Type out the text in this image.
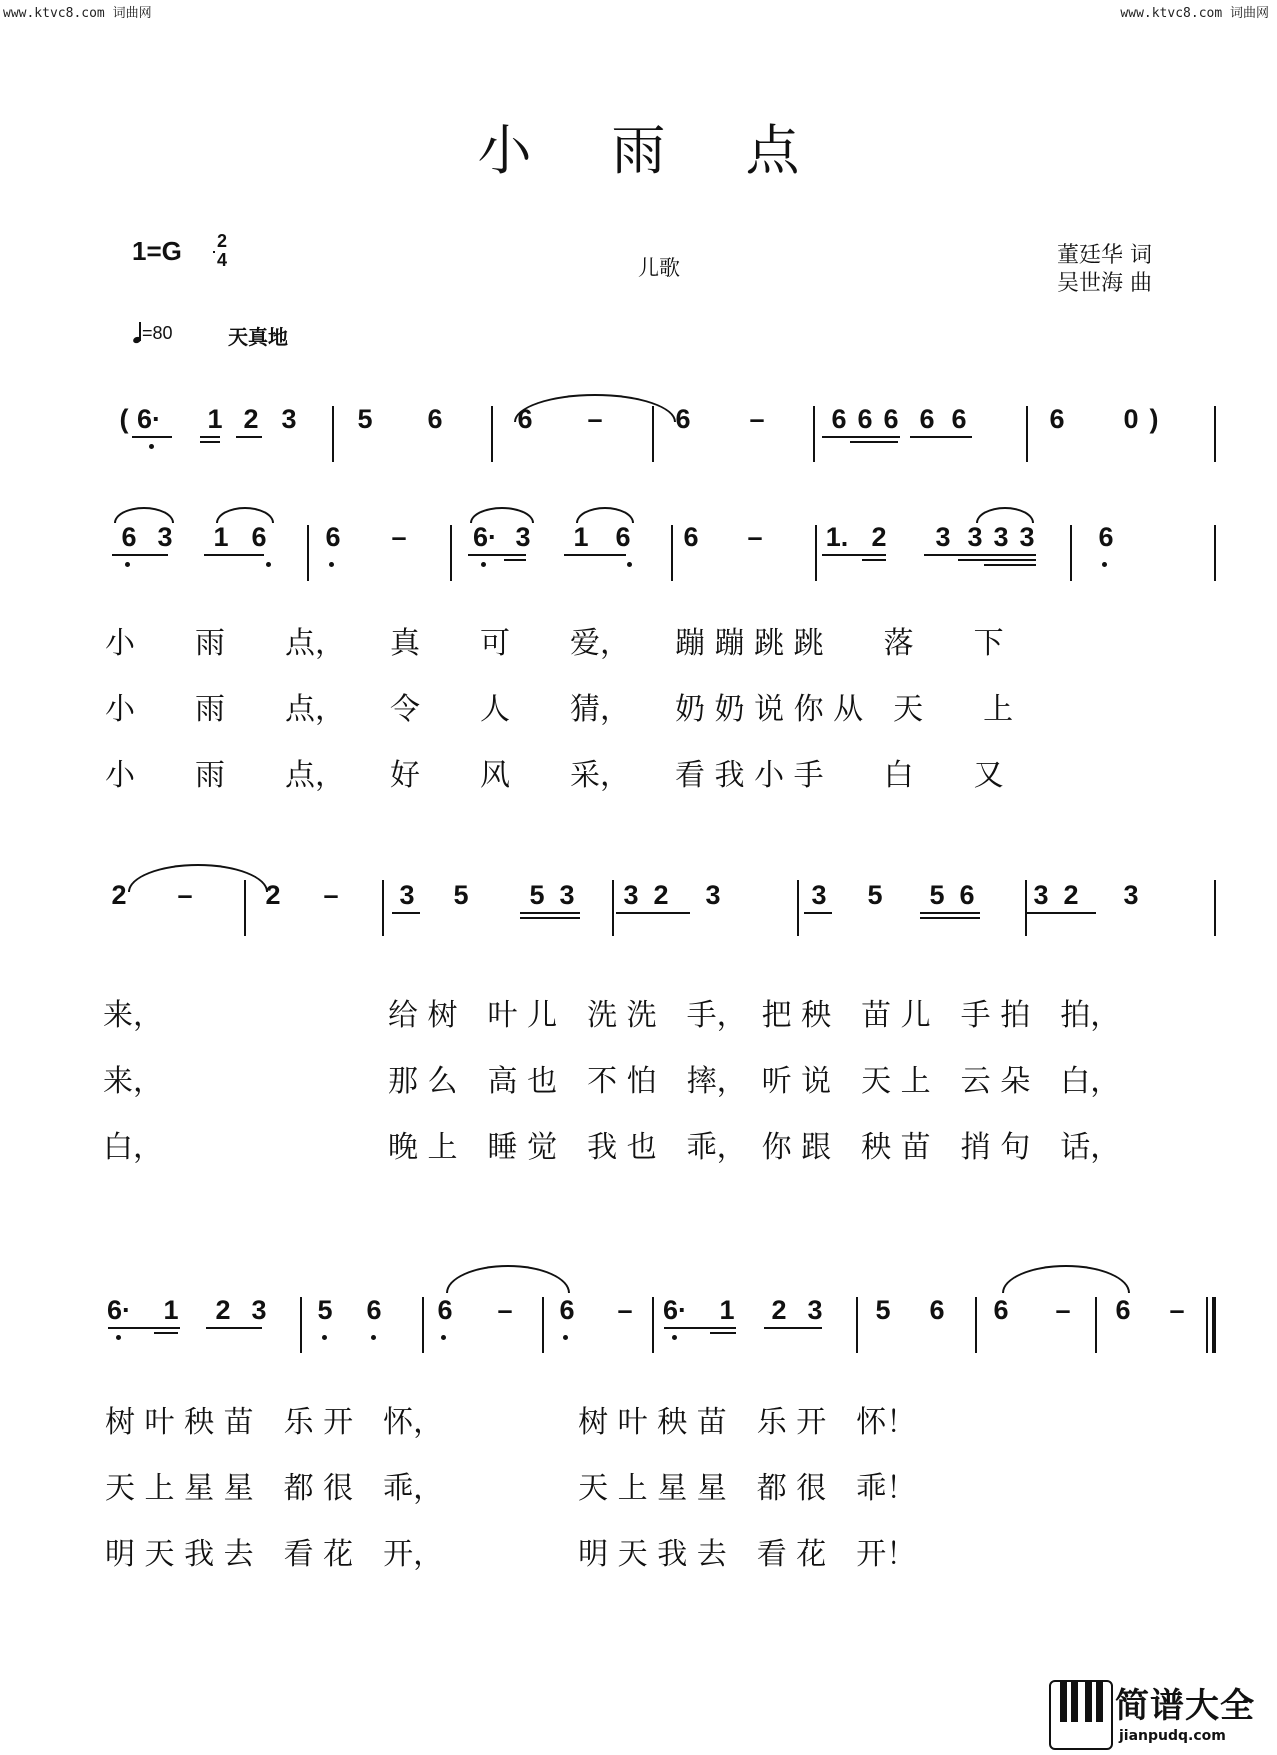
www.ktvc8.com 词曲网	www.ktvc8.com 词曲网
小雨点
1=G 2
4	儿歌	董廷华 词
吴世海 曲
=80	天真地
( 6· 1 2 3 5 6	6 –	6 – 6 6 6 6 6	6 0 )
6 3 1 6 6 – 6· 3 1 6 6 – 1. 2 3 3 3 3 6
2 –	2 – 3 5 5 3 3 2 3	3 5 5 6 3 2 3
6· 1 2 3 5 6 6 – 6 – 6· 1 2 3 5 6 6 – 6 –
小　　雨　　点，　　真　　可　　爱，　　蹦 蹦 跳 跳　　落　　下
小　　雨　　点，　　令　　人　　猜，　　奶 奶 说 你 从　天　　上
小　　雨　　点，　　好　　风　　采，　　看 我 小 手　　白　　又
来，　　　　　　　　给 树　叶 儿　洗 洗　手，　把 秧　苗 儿　手 拍　拍，
来，　　　　　　　　那 么　高 也　不 怕　摔，　听 说　天 上　云 朵　白，
白，　　　　　　　　晚 上　睡 觉　我 也　乖，　你 跟　秧 苗　捎 句　话，
树 叶 秧 苗　乐 开　怀，　　　　　树 叶 秧 苗　乐 开　怀！
天 上 星 星　都 很　乖，　　　　　天 上 星 星　都 很　乖！
明 天 我 去　看 花　开，　　　　　明 天 我 去　看 花　开！
简谱大全
jianpudq.com
